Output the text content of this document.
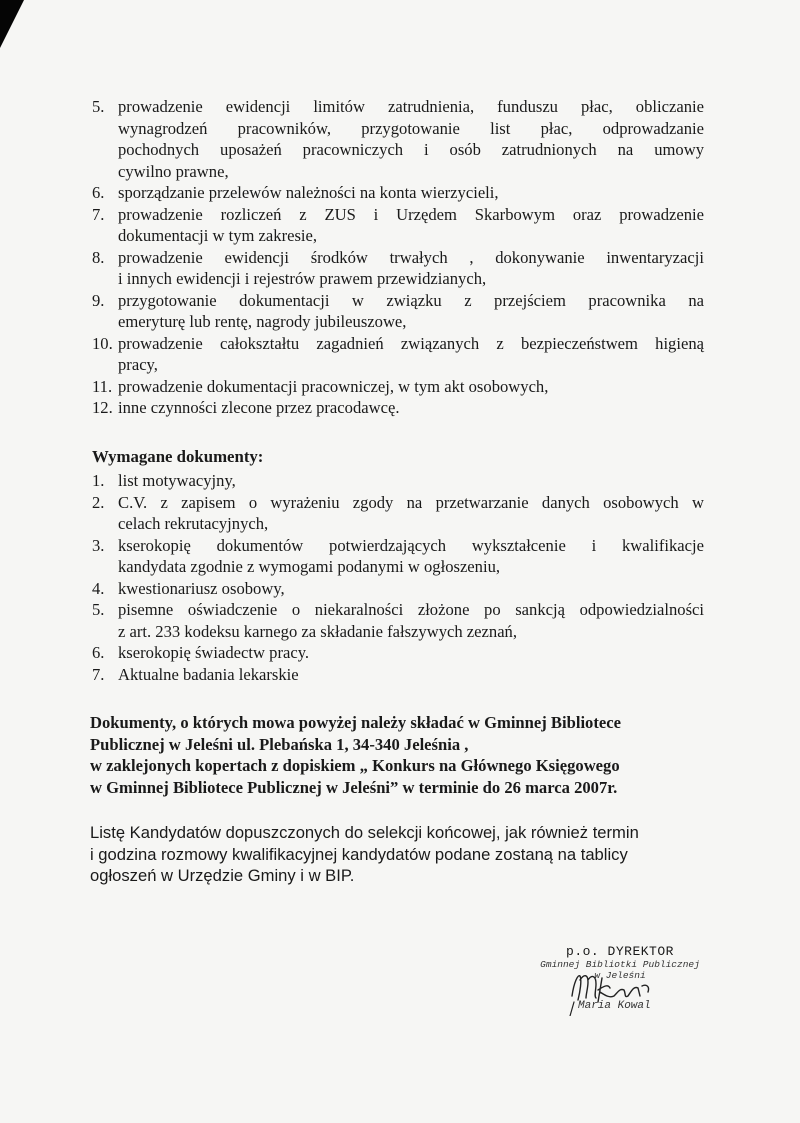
5. prowadzenie ewidencji limitów zatrudnienia, funduszu płac, obliczanie
wynagrodzeń pracowników, przygotowanie list płac, odprowadzanie
pochodnych uposażeń pracowniczych i osób zatrudnionych na umowy
cywilno prawne,
6. sporządzanie przelewów należności na konta wierzycieli,
7. prowadzenie rozliczeń z ZUS i Urzędem Skarbowym oraz prowadzenie
dokumentacji w tym zakresie,
8. prowadzenie ewidencji środków trwałych , dokonywanie inwentaryzacji
i innych ewidencji i rejestrów prawem przewidzianych,
9. przygotowanie dokumentacji w związku z przejściem pracownika na
emeryturę lub rentę, nagrody jubileuszowe,
10. prowadzenie całokształtu zagadnień związanych z bezpieczeństwem higieną
pracy,
11. prowadzenie dokumentacji pracowniczej, w tym akt osobowych,
12. inne czynności zlecone przez pracodawcę.
Wymagane dokumenty:
1. list motywacyjny,
2. C.V. z zapisem o wyrażeniu zgody na przetwarzanie danych osobowych w
celach rekrutacyjnych,
3. kserokopię dokumentów potwierdzających wykształcenie i kwalifikacje
kandydata zgodnie z wymogami podanymi w ogłoszeniu,
4. kwestionariusz osobowy,
5. pisemne oświadczenie o niekaralności złożone po sankcją odpowiedzialności
z art. 233 kodeksu karnego za składanie fałszywych zeznań,
6. kserokopię świadectw pracy.
7. Aktualne badania lekarskie
Dokumenty, o których mowa powyżej należy składać w Gminnej Bibliotece
Publicznej w Jeleśni ul. Plebańska 1, 34-340 Jeleśnia ,
w zaklejonych kopertach z dopiskiem „ Konkurs na Głównego Księgowego
w Gminnej Bibliotece Publicznej w Jeleśni” w terminie do 26 marca 2007r.
Listę Kandydatów dopuszczonych do selekcji końcowej, jak również termin
i godzina rozmowy kwalifikacyjnej kandydatów podane zostaną na tablicy
ogłoszeń w Urzędzie Gminy i w BIP.
p.o. DYREKTOR
Gminnej Bibliotki Publicznej
w Jeleśni
Maria Kowal
